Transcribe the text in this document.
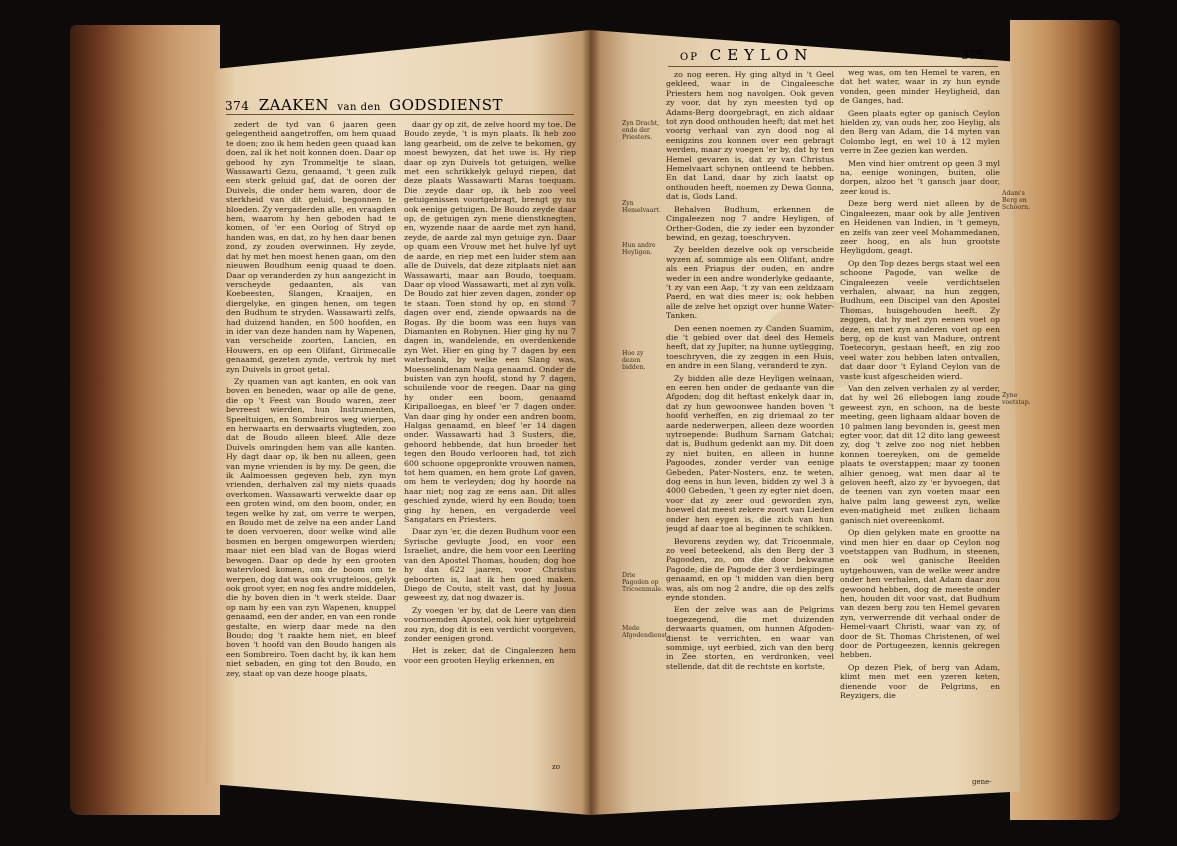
374 ZAAKEN van den GODSDIENST
OP CEYLON	375

zedert de tyd van 6 jaaren geen gelegentheid aangetroffen, om hem quaad te doen; zoo ik hem heden geen quaad kan doen, zal ik het noit konnen doen. Daar op gebood hy zyn Trommeltje te slaan, Wassawarti Gezu, genaamd, 't geen zulk een sterk geluid gaf, dat de ooren der Duivels, die onder hem waren, door de sterkheid van dit geluid, begonnen te bloeden. Zy vergaderden alle, en vraagden hem, waarom hy hen geboden had te komen, of 'er een Oorlog of Stryd op handen was, en dat, zo hy hen daar benen zond, zy zouden overwinnen. Hy zeyde, dat hy met hen moest henen gaan, om den nieuwen Boudhum eenig quaad te doen. Daar op veranderden zy hun aangezicht in verscheyde gedaanten, als van Koebeesten, Slangen, Kraaijen, en diergelyke, en gingen henen, om tegen den Budhum te stryden. Wassawarti zelfs, had duizend handen, en 500 hoofden, en in ider van deze handen nam hy Wapenen, van verscheide zoorten, Lancien, en Houwers, en op een Olifant, Girimecalle genaamd, gezeten zynde, vertrok hy met zyn Duivels in groot getal.

Zy quamen van agt kanten, en ook van boven en beneden, waar op alle de gene, die op 't Feest van Boudo waren, zeer bevreest wierden, hun Instrumenten, Speeltuigen, en Sombreiros weg wierpen, en herwaarts en derwaarts vlugteden, zoo dat de Boudo alleen bleef. Alle deze Duivels omringden hem van alle kanten. Hy dagt daar op, ik ben nu alleen, geen van myne vrienden is by my. De geen, die ik Aalmoessen gegeven heb, zyn myn vrienden, derhalven zal my niets quaads overkomen. Wassawarti verwekte daar op een groten wind, om den boom, onder, en tegen welke hy zat, om verre te werpen, en Boudo met de zelve na een ander Land te doen vervoeren, door welke wind alle bosmen en bergen omgeworpen wierden; maar niet een blad van de Bogas wierd bewogen. Daar op dede hy een grooten watervloed komen, om de boom om te werpen, dog dat was ook vrugteloos, gelyk ook groot vyer, en nog fes andre middelen, die hy boven dien in 't werk stelde. Daar op nam hy een van zyn Wapenen, knuppel genaamd, een der ander, en van een ronde gestalte, en wierp daar mede na den Boudo; dog 't raakte hem niet, en bleef boven 't hoofd van den Boudo hangen als een Sombreiro. Toen dacht hy, ik kan hem niet sebaden, en ging tot den Boudo, en zey, staat op van deze hooge plaats,

daar gy op zit, de zelve hoord my toe. De Boudo zeyde, 't is myn plaats. Ik heb zoo lang gearbeid, om de zelve te bekomen, gy moest bewyzen, dat het uwe is. Hy riep daar op zyn Duivels tot getuigen, welke met een schrikkelyk geluyd riepen, dat deze plaats Wassawarti Maras toequam. Die zeyde daar op, ik heb zoo veel getuigenissen voortgebragt, brengt gy nu ook eenige getuigen. De Boudo zeyde daar op, de getuigen zyn mene dienstknegten, en, wyzende naar de aarde met zyn hand, zeyde, de aarde zal myn getuige zyn. Daar op quam een Vrouw met het hulve lyf uyt de aarde, en riep met een luider stem aan alle de Duivels, dat deze zitplaats niet aan Wassawarti, maar aan Boudo, toequam. Daar op vlood Wassawarti, met al zyn volk. De Boudo zat hier zeven dagen, zonder op te staan. Toen stond hy op, en stond 7 dagen over end, ziende opwaards na de Bogas. By die boom was een huys van Diamanten en Robynen. Hier ging hy nu 7 dagen in, wandelende, en overdenkende zyn Wet. Hier en ging hy 7 dagen by een waterbank, by welke een Slang was, Moesselindenam Naga genaamd. Onder de buisten van zyn hoofd, stond hy 7 dagen, schuilende voor de reegen. Daar na ging hy onder een boom, genaamd Kiripalloegas, en bleef 'er 7 dagen onder. Van daar ging hy onder een andren boom, Halgas genaamd, en bleef 'er 14 dagen onder. Wassawarti had 3 Susters, die, gehoord hebbende, dat hun broeder het tegen den Boudo verlooren had, tot zich 600 schoone opgepronkte vrouwen namen, tot hem quamen, en hem grote Lof gaven, om hem te verleyden; dog hy hoorde na haar niet; nog zag ze eens aan. Dit alles geschied zynde, wierd hy een Boudo; toen ging hy henen, en vergaderde veel Sangatars en Priesters.

Daar zyn 'er, die dezen Budhum voor een Syrische gevlugte Jood, en voor een Israeliet, andre, die hem voor een Leerling van den Apostel Thomas, houden; dog hoe hy dan 622 jaaren, voor Christus geboorten is, laat ik hen goed maken. Diego de Couto, stelt vast, dat hy Josua geweest zy, dat nog dwazer is.

Zy voegen 'er by, dat de Leere van dien voornoemden Apostel, ook hier uytgebreid zou zyn, dog dit is een verdicht voorgeven, zonder eenigen grond.

Het is zeker, dat de Cingaleezen hem voor een grooten Heylig erkennen, en

zo
Zyn Dracht, ende der Priesters.
Zyn Hemelvaart.
Hun andre Heyligen.
Hoe zy dezen bidden.
Drie Pagoden op Tricoenmale.
Mede Afgodendienst.
Adam's Berg en Schoorn.
Zyne voetstap.

zo nog eeren. Hy ging altyd in 't Geel gekleed, waar in de Cingaleesche Priesters hem nog navolgen. Ook geven zy voor, dat hy zyn meesten tyd op Adams-Berg doorgebragt, en zich aldaar tot zyn dood onthouden heeft; dat met het voorig verhaal van zyn dood nog al eenigzins zou konnen over een gebragt werden, maar zy voegen 'er by, dat hy ten Hemel gevaren is, dat zy van Christus Hemelvaart schynen ontleend te hebben. En dat Land, daar hy zich laatst op onthouden heeft, noemen zy Dewa Gonna, dat is, Gods Land.

Behalven Budhum, erkennen de Cingaleezen nog 7 andre Heyligen, of Orther-Goden, die zy ieder een byzonder bewind, en gezag, toeschryven.

Zy beelden dezelve ook op verscheide wyzen af, sommige als een Olifant, andre als een Priapus der ouden, en andre weder in een andre wonderlyke gedaante, 't zy van een Aap, 't zy van een zeldzaam Paerd, en wat dies meer is; ook hebben alle de zelve het opzigt over hunne Water-Tanken.

Den eenen noemen zy Canden Suamim, die 't gebied over dat deel des Hemels heeft, dat zy Jupiter, na hunne uytlegging, toeschryven, die zy zeggen in een Huis, en andre in een Slang, veranderd te zyn.

Zy bidden alle deze Heyligen welnaan, en eeren hen onder de gedaante van die Afgoden; dog dit heftast enkelyk daar in, dat zy hun gewoonwee handen boven 't hoofd verheffen, en zig driemaal zo ter aarde nederwerpen, alleen deze woorden uytroepende: Budhum Sarnam Gatchai; dat is, Budhum gedenkt aan my. Dit doen zy niet buiten, en alleen in hunne Pagoodes, zonder verder van eenige Gebeden, Pater-Nosters, enz. te weten, dog eens in hun leven, bidden zy wel 3 à 4000 Gebeden, 't geen zy egter niet doen, voor dat zy zeer oud geworden zyn, hoewel dat meest zekere zoort van Lieden onder hen eygen is, die zich van hun jeugd af daar toe al beginnen te schikken.

Bevorens zeyden wy, dat Tricoenmale, zo veel beteekend, als den Berg der 3 Pagooden, zo, om die door bekwame Pagode, die de Pagode der 3 verdiepingen genaamd, en op 't midden van dien berg was, als om nog 2 andre, die op des zelfs eynde stonden.

Een der zelve was aan de Pelgrims toegezegend, die met duizenden derwaarts quamen, om hunnen Afgoden-dienst te verrichten, en waar van sommige, uyt eerbied, zich van den berg in Zee storten, en verdronken, veel stellende, dat dit de rechtste en kortste,

weg was, om ten Hemel te varen, en dat het water, waar in zy hun eynde vonden, geen minder Heyligheid, dan de Ganges, had.

Geen plaats egter op ganisch Ceylon hielden zy, van ouds her, zoo Heylig, als den Berg van Adam, die 14 myten van Colombo legt, en wel 10 à 12 mylen verre in Zee gezien kan werden.

Men vind hier omtrent op geen 3 myl na, eenige woningen, buiten, olie dorpen, alzoo het 't gansch jaar door, zeer koud is.

Deze berg werd niet alleen by de Cingaleezen, maar ook by alle Jentiven en Heidenen van Indien, in 't gemeyn, en zelfs van zeer veel Mohammedanen, zeer hoog, en als hun grootste Heyligdom, geagt.

Op den Top dezes bergs staat wel een schoone Pagode, van welke de Cingaleezen veele verdichtselen verhalen, alwaar, na hun zeggen, Budhum, een Discipel van den Apostel Thomas, huisgehouden heeft. Zy zeggen, dat hy met zyn eenen voet op deze, en met zyn anderen voet op een berg, op de kust van Madure, ontrent Toetecoryn, gestaan heeft, en zig zoo veel water zou hebben laten ontvallen, dat daar door 't Eyland Ceylon van de vaste kust afgescheiden wierd.

Van den zelven verhalen zy al verder, dat hy wel 26 ellebogen lang zoude geweest zyn, en schoon, na de beste meeting, geen lighaam aldaar boven de 10 palmen lang bevonden is, geest men egter voor, dat dit 12 dito lang geweest zy, dog 't zelve zoo nog niet hebben konnen toereyken, om de gemelde plaats te overstappen; maar zy toonen alhier genoeg, wat men daar al te geloven heeft, alzo zy 'er byvoegen, dat de teenen van zyn voeten maar een halve palm lang geweest zyn, welke even-matigheid met zulken lichaam ganisch niet overeenkomt.

Op dien gelyken mate en grootte na vind men hier en daar op Ceylon nog voetstappen van Budhum, in steenen, en ook wel ganische Beelden uytgehouwen, van de welke weer andre onder hen verhalen, dat Adam daar zou gewoond hebben, dog de meeste onder hen, houden dit voor vast, dat Budhum van dezen berg zou ten Hemel gevaren zyn, verwerrende dit verhaal onder de Hemel-vaart Christi, waar van zy, of door de St. Thomas Christenen, of wel door de Portugeezen, kennis gekregen hebben.

Op dezen Piek, of berg van Adam, klimt men met een yzeren keten, dienende voor de Pelgrims, en Reyzigers, die

gene-
